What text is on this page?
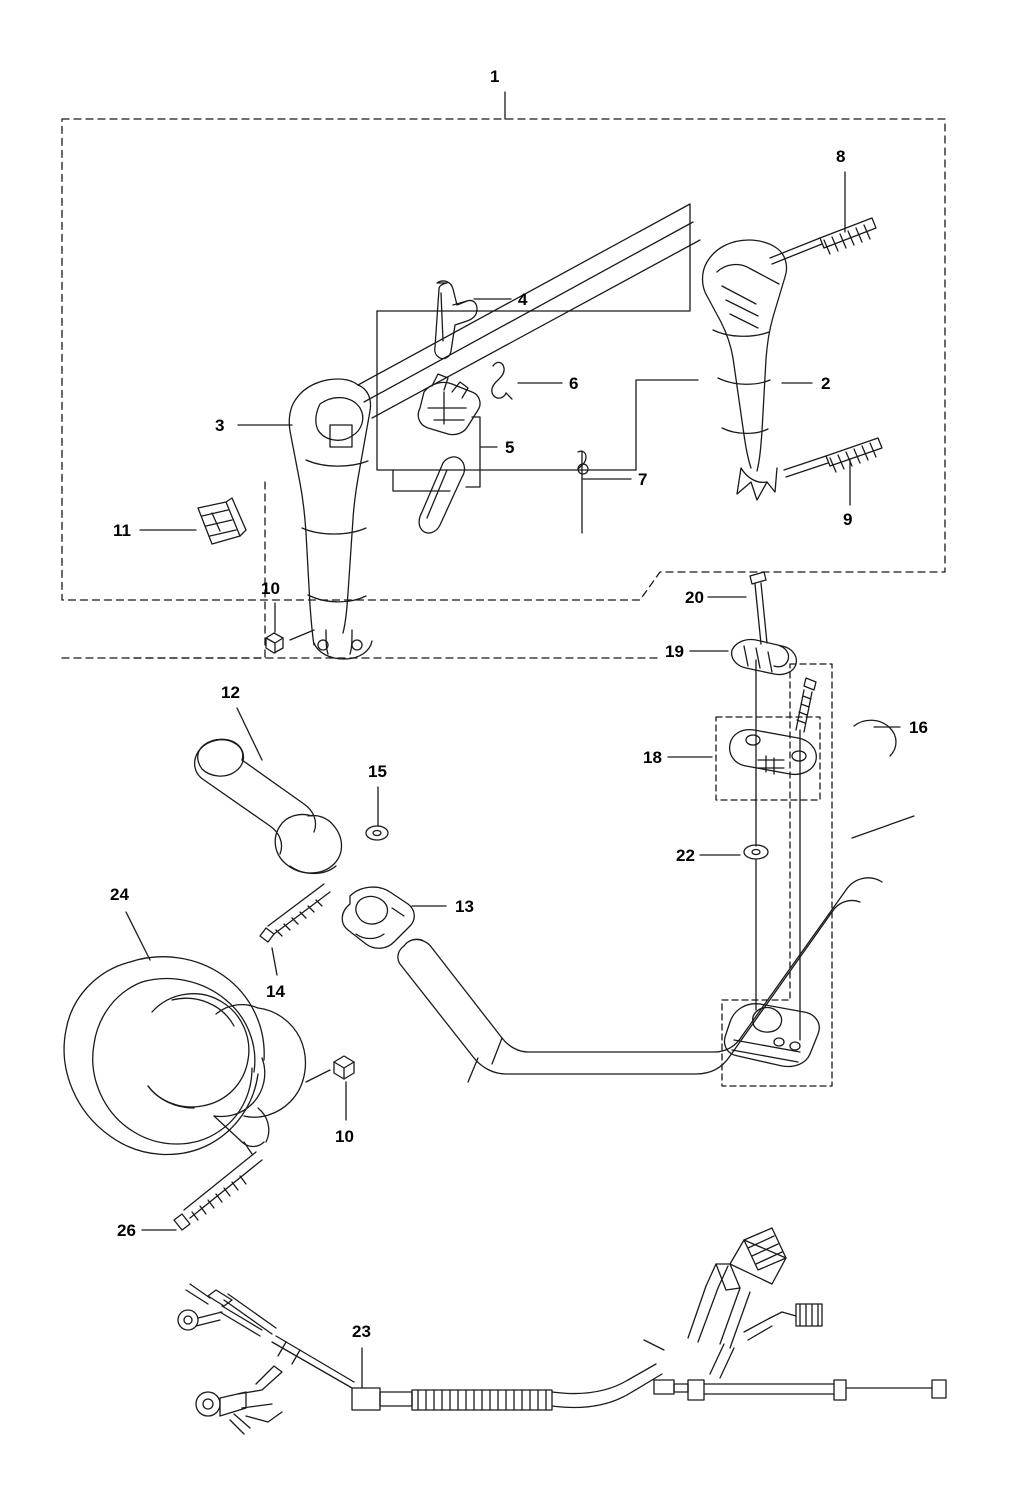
1
8
4
2
6
3
5
7
9
11
10	20
19
12
16
18
15
22
24
13
14
10
26
23
